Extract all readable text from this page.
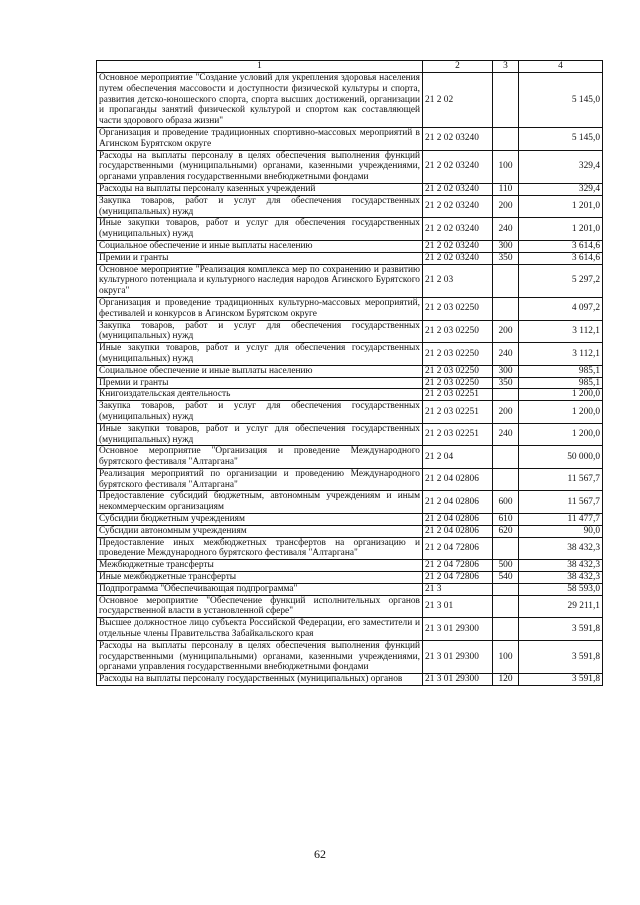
1	2	3	4
Основное мероприятие "Создание условий для укрепления здоровья населения путем обеспечения массовости и доступности физической культуры и спорта, развития детско-юношеского спорта, спорта высших достижений, организации и пропаганды занятий физической культурой и спортом как составляющей части здорового образа жизни"	21 2 02		5 145,0
Организация и проведение традиционных спортивно-массовых мероприятий в Агинском Бурятском округе	21 2 02 03240		5 145,0
Расходы на выплаты персоналу в целях обеспечения выполнения функций государственными (муниципальными) органами, казенными учреждениями, органами управления государственными внебюджетными фондами	21 2 02 03240	100	329,4
Расходы на выплаты персоналу казенных учреждений	21 2 02 03240	110	329,4
Закупка товаров, работ и услуг для обеспечения государственных (муниципальных) нужд	21 2 02 03240	200	1 201,0
Иные закупки товаров, работ и услуг для обеспечения государственных (муниципальных) нужд	21 2 02 03240	240	1 201,0
Социальное обеспечение и иные выплаты населению	21 2 02 03240	300	3 614,6
Премии и гранты	21 2 02 03240	350	3 614,6
Основное мероприятие "Реализация комплекса мер по сохранению и развитию культурного потенциала и культурного наследия народов Агинского Бурятского округа"	21 2 03		5 297,2
Организация и проведение традиционных культурно-массовых мероприятий, фестивалей и конкурсов в Агинском Бурятском округе	21 2 03 02250		4 097,2
Закупка товаров, работ и услуг для обеспечения государственных (муниципальных) нужд	21 2 03 02250	200	3 112,1
Иные закупки товаров, работ и услуг для обеспечения государственных (муниципальных) нужд	21 2 03 02250	240	3 112,1
Социальное обеспечение и иные выплаты населению	21 2 03 02250	300	985,1
Премии и гранты	21 2 03 02250	350	985,1
Книгоиздательская деятельность	21 2 03 02251		1 200,0
Закупка товаров, работ и услуг для обеспечения государственных (муниципальных) нужд	21 2 03 02251	200	1 200,0
Иные закупки товаров, работ и услуг для обеспечения государственных (муниципальных) нужд	21 2 03 02251	240	1 200,0
Основное мероприятие "Организация и проведение Международного бурятского фестиваля "Алтаргана"	21 2 04		50 000,0
Реализация мероприятий по организации и проведению Международного бурятского фестиваля "Алтаргана"	21 2 04 02806		11 567,7
Предоставление субсидий бюджетным, автономным учреждениям и иным некоммерческим организациям	21 2 04 02806	600	11 567,7
Субсидии бюджетным учреждениям	21 2 04 02806	610	11 477,7
Субсидии автономным учреждениям	21 2 04 02806	620	90,0
Предоставление иных межбюджетных трансфертов на организацию и проведение Международного бурятского фестиваля "Алтаргана"	21 2 04 72806		38 432,3
Межбюджетные трансферты	21 2 04 72806	500	38 432,3
Иные межбюджетные трансферты	21 2 04 72806	540	38 432,3
Подпрограмма "Обеспечивающая подпрограмма"	21 3		58 593,0
Основное мероприятие "Обеспечение функций исполнительных органов государственной власти в установленной сфере"	21 3 01		29 211,1
Высшее должностное лицо субъекта Российской Федерации, его заместители и отдельные члены Правительства Забайкальского края	21 3 01 29300		3 591,8
Расходы на выплаты персоналу в целях обеспечения выполнения функций государственными (муниципальными) органами, казенными учреждениями, органами управления государственными внебюджетными фондами	21 3 01 29300	100	3 591,8
Расходы на выплаты персоналу государственных (муниципальных) органов	21 3 01 29300	120	3 591,8
62
